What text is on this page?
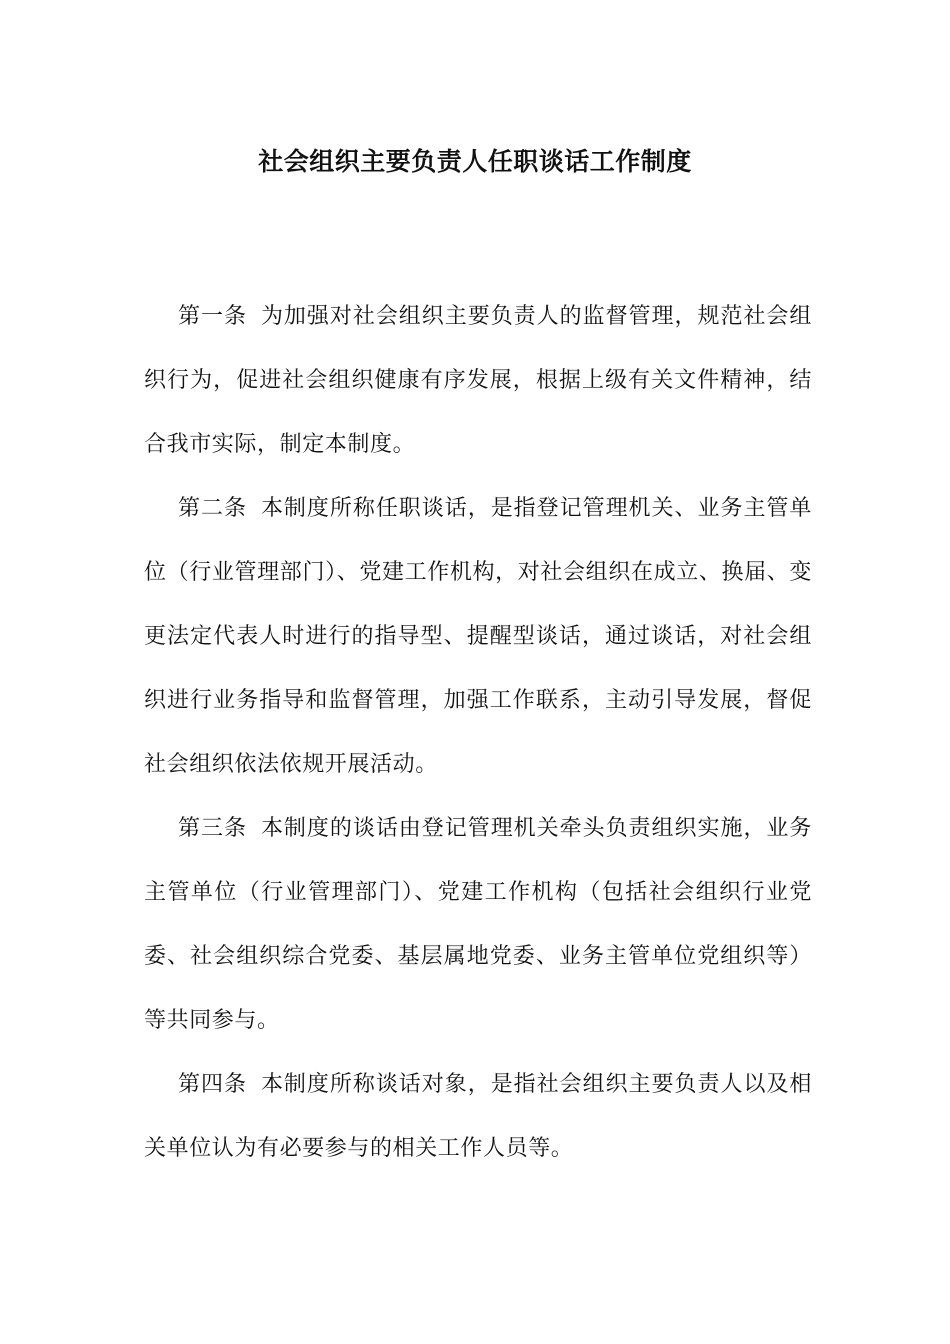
社会组织主要负责人任职谈话工作制度

第一条 为加强对社会组织主要负责人的监督管理，规范社会组织行为，促进社会组织健康有序发展，根据上级有关文件精神，结合我市实际，制定本制度。

第二条 本制度所称任职谈话，是指登记管理机关、业务主管单位（行业管理部门）、党建工作机构，对社会组织在成立、换届、变更法定代表人时进行的指导型、提醒型谈话，通过谈话，对社会组织进行业务指导和监督管理，加强工作联系，主动引导发展，督促社会组织依法依规开展活动。

第三条 本制度的谈话由登记管理机关牵头负责组织实施，业务主管单位（行业管理部门）、党建工作机构（包括社会组织行业党委、社会组织综合党委、基层属地党委、业务主管单位党组织等）等共同参与。

第四条 本制度所称谈话对象，是指社会组织主要负责人以及相关单位认为有必要参与的相关工作人员等。
